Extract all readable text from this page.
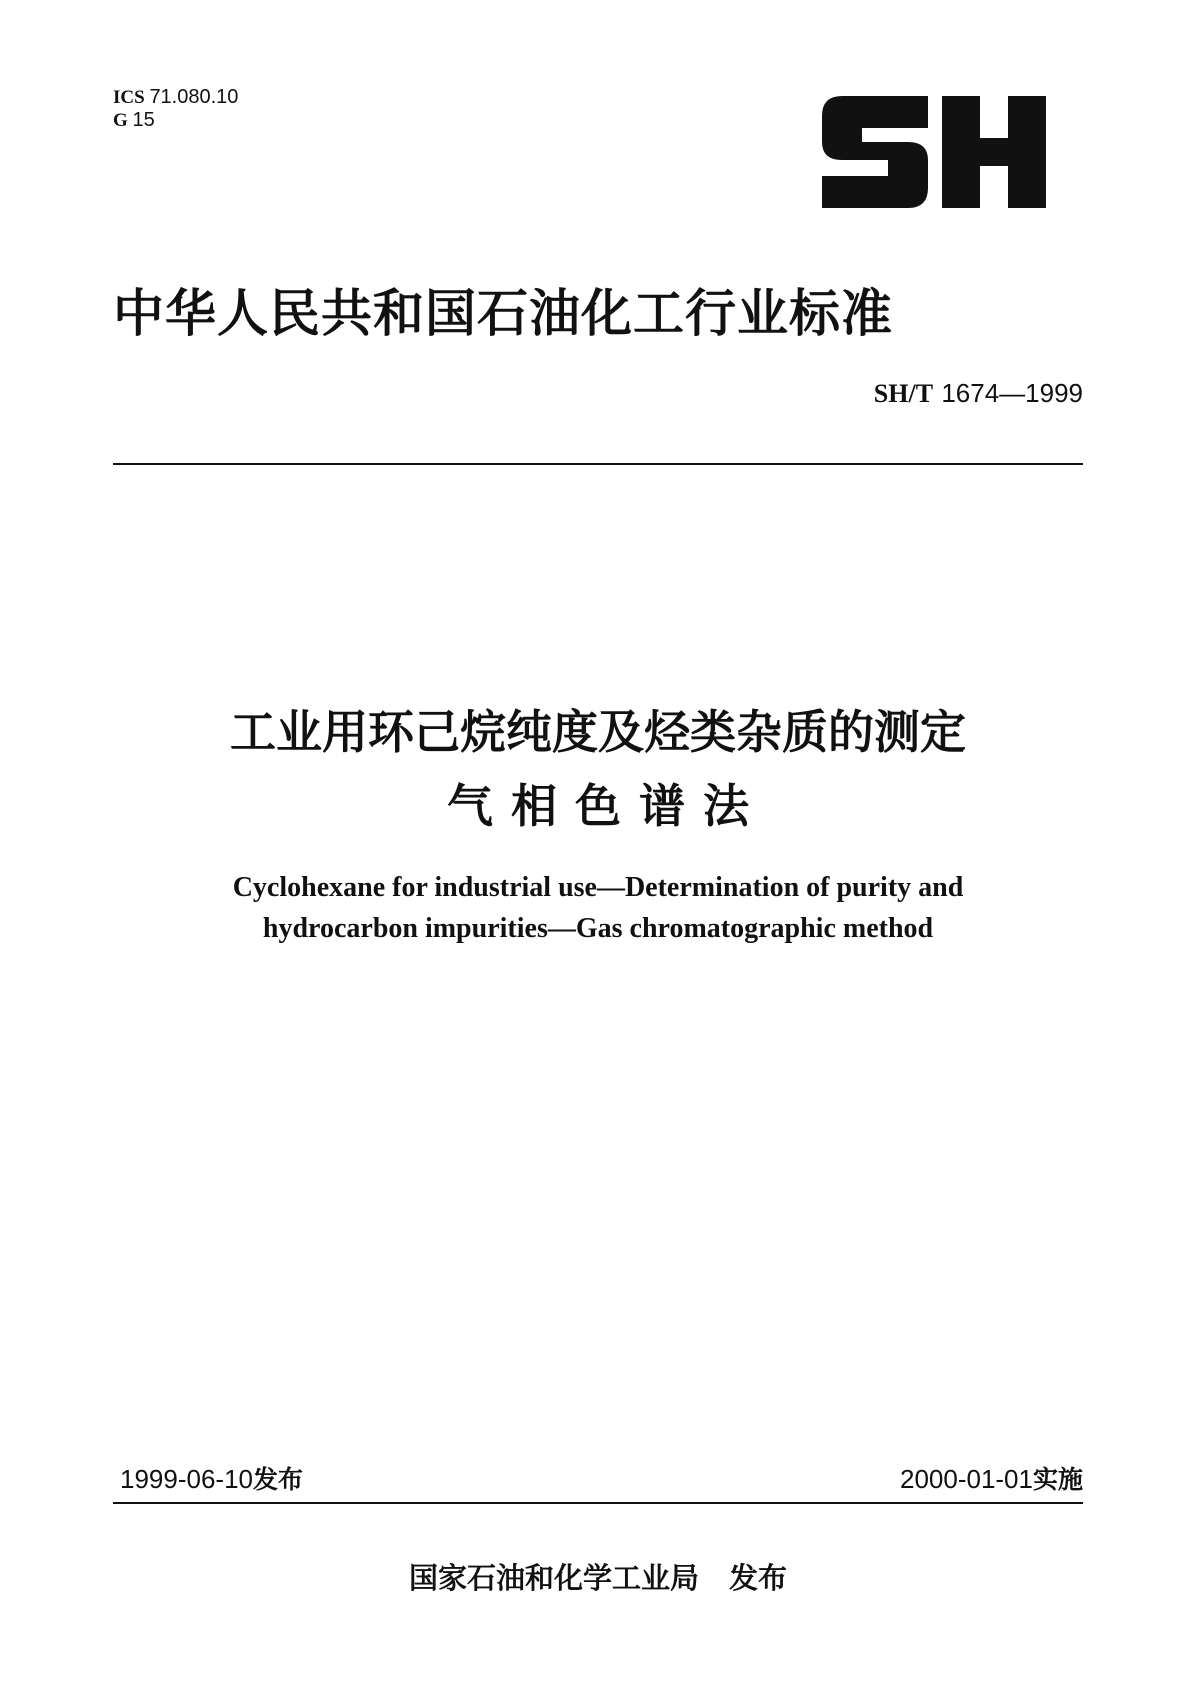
ICS 71.080.10
G 15
中华人民共和国石油化工行业标准
SH/T 1674—1999
工业用环己烷纯度及烃类杂质的测定
气相色谱法
Cyclohexane for industrial use—Determination of purity and
hydrocarbon impurities—Gas chromatographic method
1999-06-10发布	2000-01-01实施
国家石油和化学工业局 发布
